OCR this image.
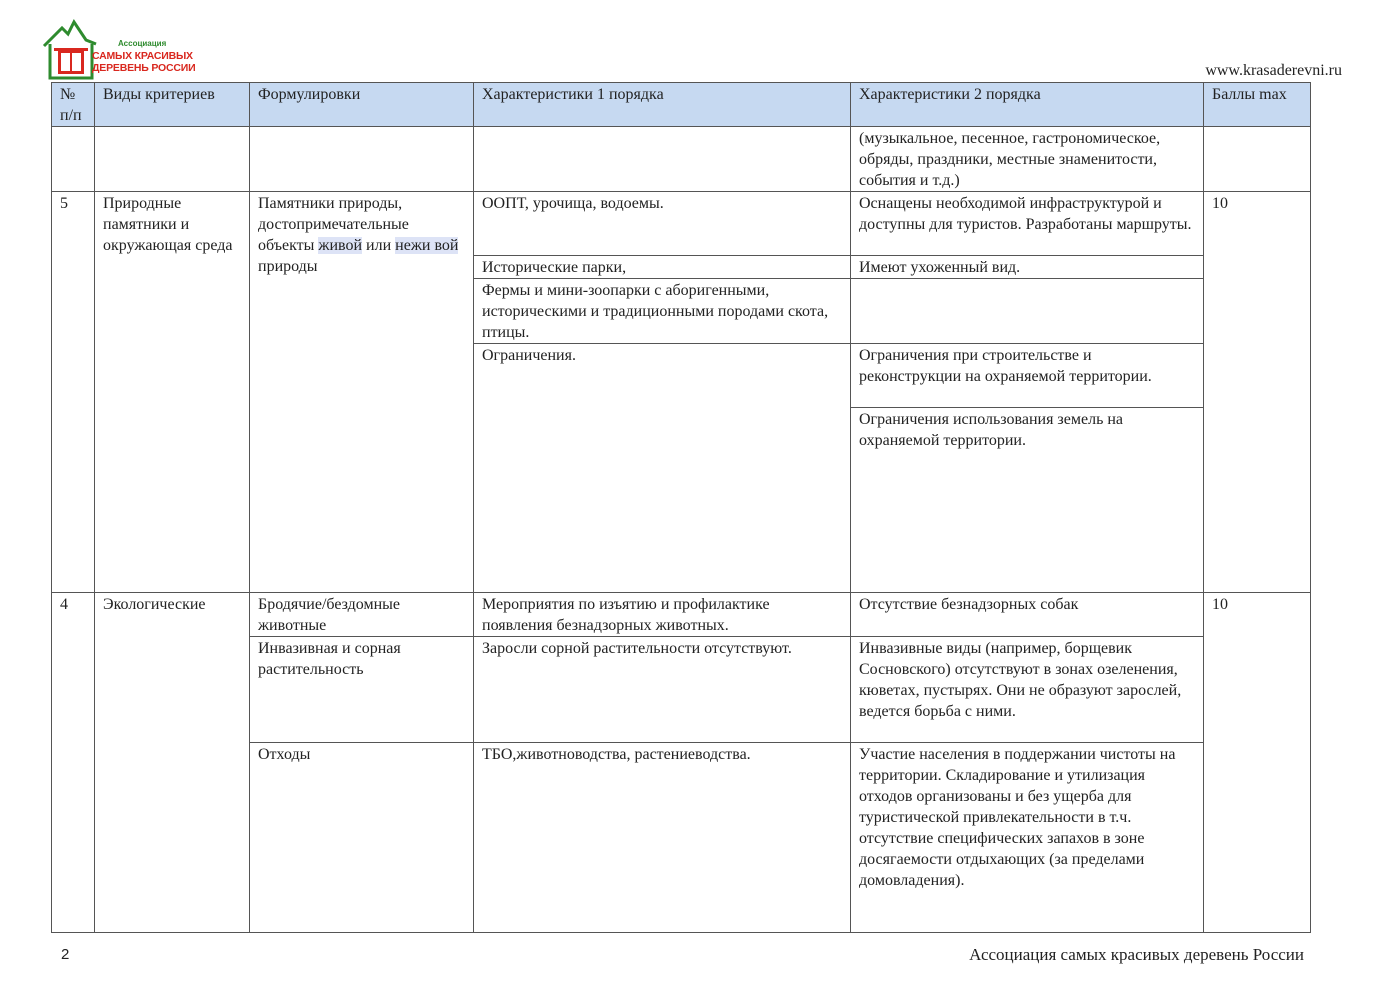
Ассоциация
САМЫХ КРАСИВЫХ
ДЕРЕВЕНЬ РОССИИ	www.krasaderevni.ru
№ п/п	Виды критериев	Формулировки	Характеристики 1 порядка	Характеристики 2 порядка	Баллы max
				(музыкальное, песенное, гастрономическое, обряды, праздники, местные знаменитости, события и т.д.)	
5	Природные памятники и окружающая среда	Памятники природы, достопримечательные объекты живой или нежи вой природы	ООПТ, урочища, водоемы.	Оснащены необходимой инфраструктурой и доступны для туристов. Разработаны маршруты.	10
			Исторические парки,	Имеют ухоженный вид.	
			Фермы и мини-зоопарки с аборигенными, историческими и традиционными породами скота, птицы.		
			Ограничения.	Ограничения при строительстве и реконструкции на охраняемой территории.	
				Ограничения использования земель на охраняемой территории.	
4	Экологические	Бродячие/бездомные животные	Мероприятия по изъятию и профилактике появления безнадзорных животных.	Отсутствие безнадзорных собак	10
		Инвазивная и сорная растительность	Заросли сорной растительности отсутствуют.	Инвазивные виды (например, борщевик Сосновского) отсутствуют в зонах озеленения, кюветах, пустырях. Они не образуют зарослей, ведется борьба с ними.	
		Отходы	ТБО,животноводства, растениеводства.	Участие населения в поддержании чистоты на территории. Складирование и утилизация отходов организованы и без ущерба для туристической привлекательности в т.ч. отсутствие специфических запахов в зоне досягаемости отдыхающих (за пределами домовладения).	
2	Ассоциация самых красивых деревень России
